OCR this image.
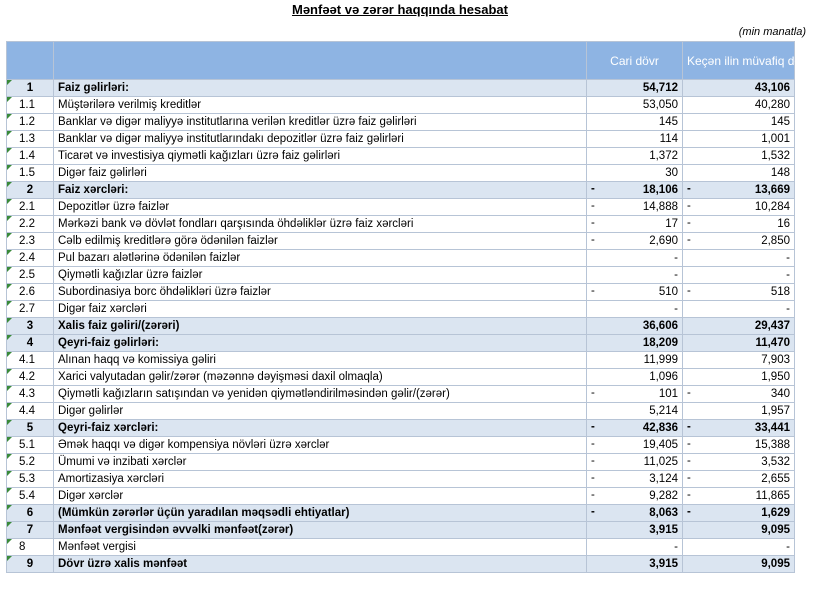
Mənfəət və zərər haqqında hesabat
(min manatla)
		Cari dövr	Keçən ilin müvafiq dövrü

1	Faiz gəlirləri:	54,712	43,106

1.1	Müştərilərə verilmiş kreditlər	53,050	40,280

1.2	Banklar və digər maliyyə institutlarına verilən kreditlər üzrə faiz gəlirləri	145	145

1.3	Banklar və digər maliyyə institutlarındakı depozitlər üzrə faiz gəlirləri	114	1,001

1.4	Ticarət və investisiya qiymətli kağızları üzrə faiz gəlirləri	1,372	1,532

1.5	Digər faiz gəlirləri	30	148

2	Faiz xərcləri:	- 18,106	- 13,669

2.1	Depozitlər üzrə faizlər	- 14,888	- 10,284

2.2	Mərkəzi bank və dövlət fondları qarşısında öhdəliklər üzrə faiz xərcləri	- 17	- 16

2.3	Cəlb edilmiş kreditlərə görə ödənilən faizlər	- 2,690	- 2,850

2.4	Pul bazarı alətlərinə ödənilən faizlər	-	-

2.5	Qiymətli kağızlar üzrə faizlər	-	-

2.6	Subordinasiya borc öhdəlikləri üzrə faizlər	- 510	- 518

2.7	Digər faiz xərcləri	-	-

3	Xalis faiz gəliri/(zərəri)	36,606	29,437

4	Qeyri-faiz gəlirləri:	18,209	11,470

4.1	Alınan haqq və komissiya gəliri	11,999	7,903

4.2	Xarici valyutadan gəlir/zərər (məzənnə dəyişməsi daxil olmaqla)	1,096	1,950

4.3	Qiymətli kağızların satışından və yenidən qiymətləndirilməsindən gəlir/(zərər)	- 101	- 340

4.4	Digər gəlirlər	5,214	1,957

5	Qeyri-faiz xərcləri:	- 42,836	- 33,441

5.1	Əmək haqqı və digər kompensiya növləri üzrə xərclər	- 19,405	- 15,388

5.2	Ümumi və inzibati xərclər	- 11,025	- 3,532

5.3	Amortizasiya xərcləri	- 3,124	- 2,655

5.4	Digər xərclər	- 9,282	- 11,865

6	(Mümkün zərərlər üçün yaradılan məqsədli ehtiyatlar)	- 8,063	- 1,629

7	Mənfəət vergisindən əvvəlki mənfəət(zərər)	3,915	9,095

8	Mənfəət vergisi	-	-

9	Dövr üzrə xalis mənfəət	3,915	9,095
